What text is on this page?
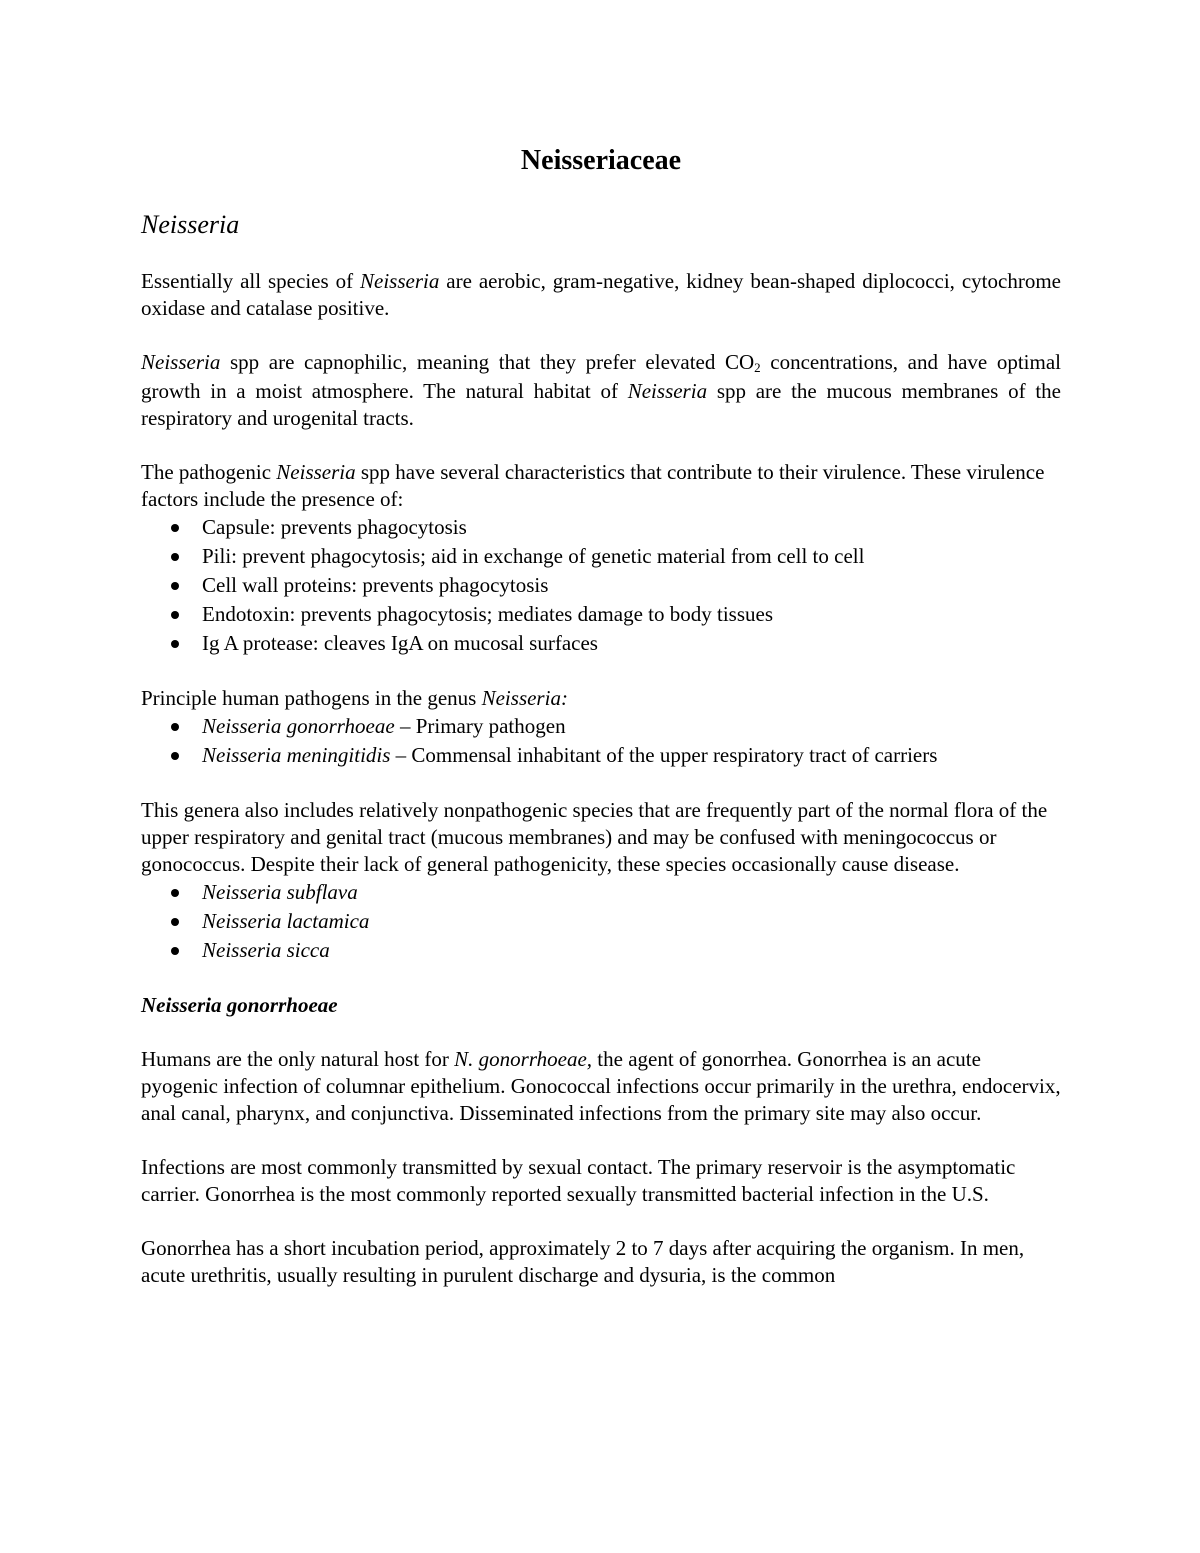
Neisseriaceae
Neisseria

Essentially all species of Neisseria are aerobic, gram-negative, kidney bean-shaped diplococci, cytochrome oxidase and catalase positive.

Neisseria spp are capnophilic, meaning that they prefer elevated CO2 concentrations, and have optimal growth in a moist atmosphere. The natural habitat of Neisseria spp are the mucous membranes of the respiratory and urogenital tracts.

The pathogenic Neisseria spp have several characteristics that contribute to their virulence. These virulence factors include the presence of:

Capsule: prevents phagocytosis
Pili: prevent phagocytosis; aid in exchange of genetic material from cell to cell
Cell wall proteins: prevents phagocytosis
Endotoxin: prevents phagocytosis; mediates damage to body tissues
Ig A protease: cleaves IgA on mucosal surfaces

Principle human pathogens in the genus Neisseria:

Neisseria gonorrhoeae – Primary pathogen
Neisseria meningitidis – Commensal inhabitant of the upper respiratory tract of carriers

This genera also includes relatively nonpathogenic species that are frequently part of the normal flora of the upper respiratory and genital tract (mucous membranes) and may be confused with meningococcus or gonococcus. Despite their lack of general pathogenicity, these species occasionally cause disease.

Neisseria subflava
Neisseria lactamica
Neisseria sicca

Neisseria gonorrhoeae

Humans are the only natural host for N. gonorrhoeae, the agent of gonorrhea. Gonorrhea is an acute pyogenic infection of columnar epithelium. Gonococcal infections occur primarily in the urethra, endocervix, anal canal, pharynx, and conjunctiva. Disseminated infections from the primary site may also occur.

Infections are most commonly transmitted by sexual contact. The primary reservoir is the asymptomatic carrier. Gonorrhea is the most commonly reported sexually transmitted bacterial infection in the U.S.

Gonorrhea has a short incubation period, approximately 2 to 7 days after acquiring the organism. In men, acute urethritis, usually resulting in purulent discharge and dysuria, is the common
